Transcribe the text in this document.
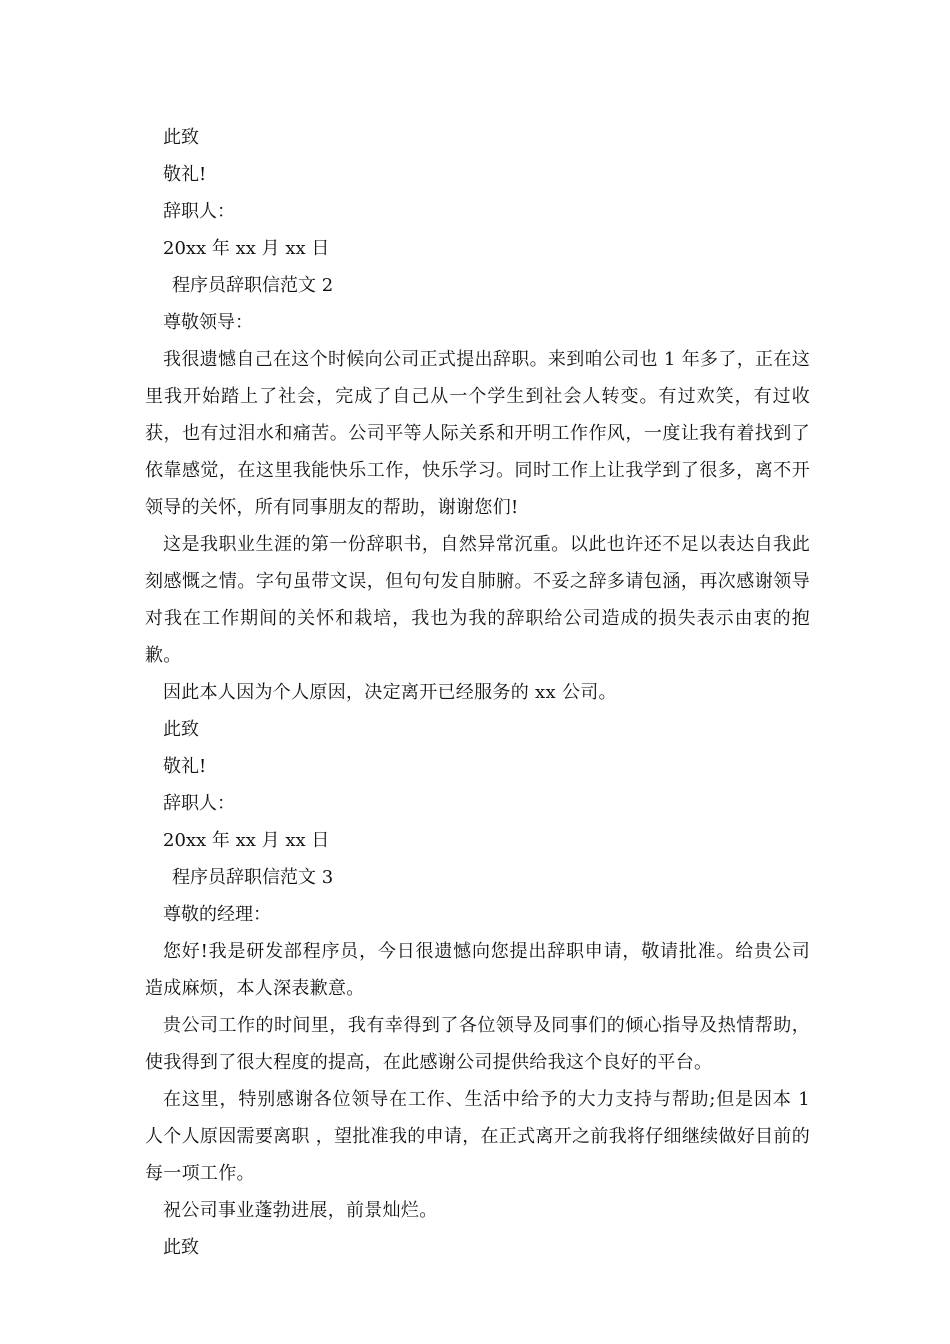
此致

敬礼!

辞职人：

20xx 年 xx 月 xx 日

程序员辞职信范文 2

尊敬领导：

我很遗憾自己在这个时候向公司正式提出辞职。来到咱公司也 1 年多了，正在这里我开始踏上了社会，完成了自己从一个学生到社会人转变。有过欢笑，有过收获，也有过泪水和痛苦。公司平等人际关系和开明工作作风，一度让我有着找到了依靠感觉，在这里我能快乐工作，快乐学习。同时工作上让我学到了很多，离不开领导的关怀，所有同事朋友的帮助，谢谢您们!

这是我职业生涯的第一份辞职书，自然异常沉重。以此也许还不足以表达自我此刻感慨之情。字句虽带文误，但句句发自肺腑。不妥之辞多请包涵，再次感谢领导对我在工作期间的关怀和栽培，我也为我的辞职给公司造成的损失表示由衷的抱歉。

因此本人因为个人原因，决定离开已经服务的 xx 公司。

此致

敬礼!

辞职人：

20xx 年 xx 月 xx 日

程序员辞职信范文 3

尊敬的经理：

您好!我是研发部程序员，今日很遗憾向您提出辞职申请，敬请批准。给贵公司造成麻烦，本人深表歉意。

贵公司工作的时间里，我有幸得到了各位领导及同事们的倾心指导及热情帮助，使我得到了很大程度的提高，在此感谢公司提供给我这个良好的平台。

在这里，特别感谢各位领导在工作、生活中给予的大力支持与帮助;但是因本 1 人个人原因需要离职 ，望批准我的申请，在正式离开之前我将仔细继续做好目前的每一项工作。

祝公司事业蓬勃进展，前景灿烂。

此致
